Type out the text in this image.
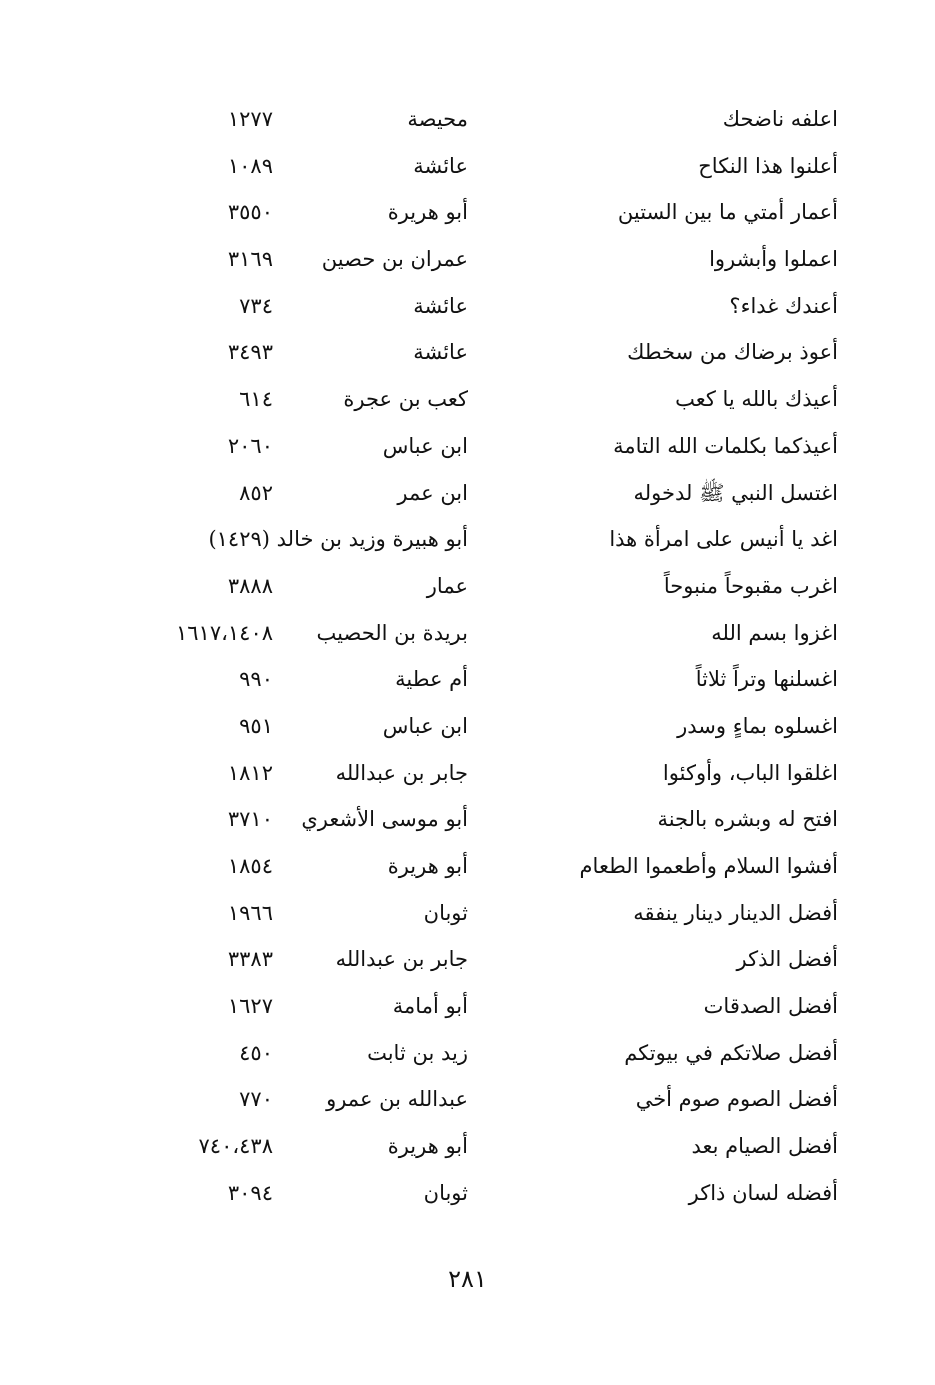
اعلفه ناضحك
محيصة
١٢٧٧
أعلنوا هذا النكاح
عائشة
١٠٨٩
أعمار أمتي ما بين الستين
أبو هريرة
٣٥٥٠
اعملوا وأبشروا
عمران بن حصين
٣١٦٩
أعندك غداء؟
عائشة
٧٣٤
أعوذ برضاك من سخطك
عائشة
٣٤٩٣
أعيذك بالله يا كعب
كعب بن عجرة
٦١٤
أعيذكما بكلمات الله التامة
ابن عباس
٢٠٦٠
اغتسل النبي ﷺ لدخوله
ابن عمر
٨٥٢
اغد يا أنيس على امرأة هذا
أبو هبيرة وزيد بن خالد (١٤٢٩)
اغرب مقبوحاً منبوحاً
عمار
٣٨٨٨
اغزوا بسم الله
بريدة بن الحصيب
١٦١٧،١٤٠٨
اغسلنها وتراً ثلاثاً
أم عطية
٩٩٠
اغسلوه بماءٍ وسدر
ابن عباس
٩٥١
اغلقوا الباب، وأوكئوا
جابر بن عبدالله
١٨١٢
افتح له وبشره بالجنة
أبو موسى الأشعري
٣٧١٠
أفشوا السلام وأطعموا الطعام
أبو هريرة
١٨٥٤
أفضل الدينار دينار ينفقه
ثوبان
١٩٦٦
أفضل الذكر
جابر بن عبدالله
٣٣٨٣
أفضل الصدقات
أبو أمامة
١٦٢٧
أفضل صلاتكم في بيوتكم
زيد بن ثابت
٤٥٠
أفضل الصوم صوم أخي
عبدالله بن عمرو
٧٧٠
أفضل الصيام بعد
أبو هريرة
٧٤٠،٤٣٨
أفضله لسان ذاكر
ثوبان
٣٠٩٤
٢٨١
